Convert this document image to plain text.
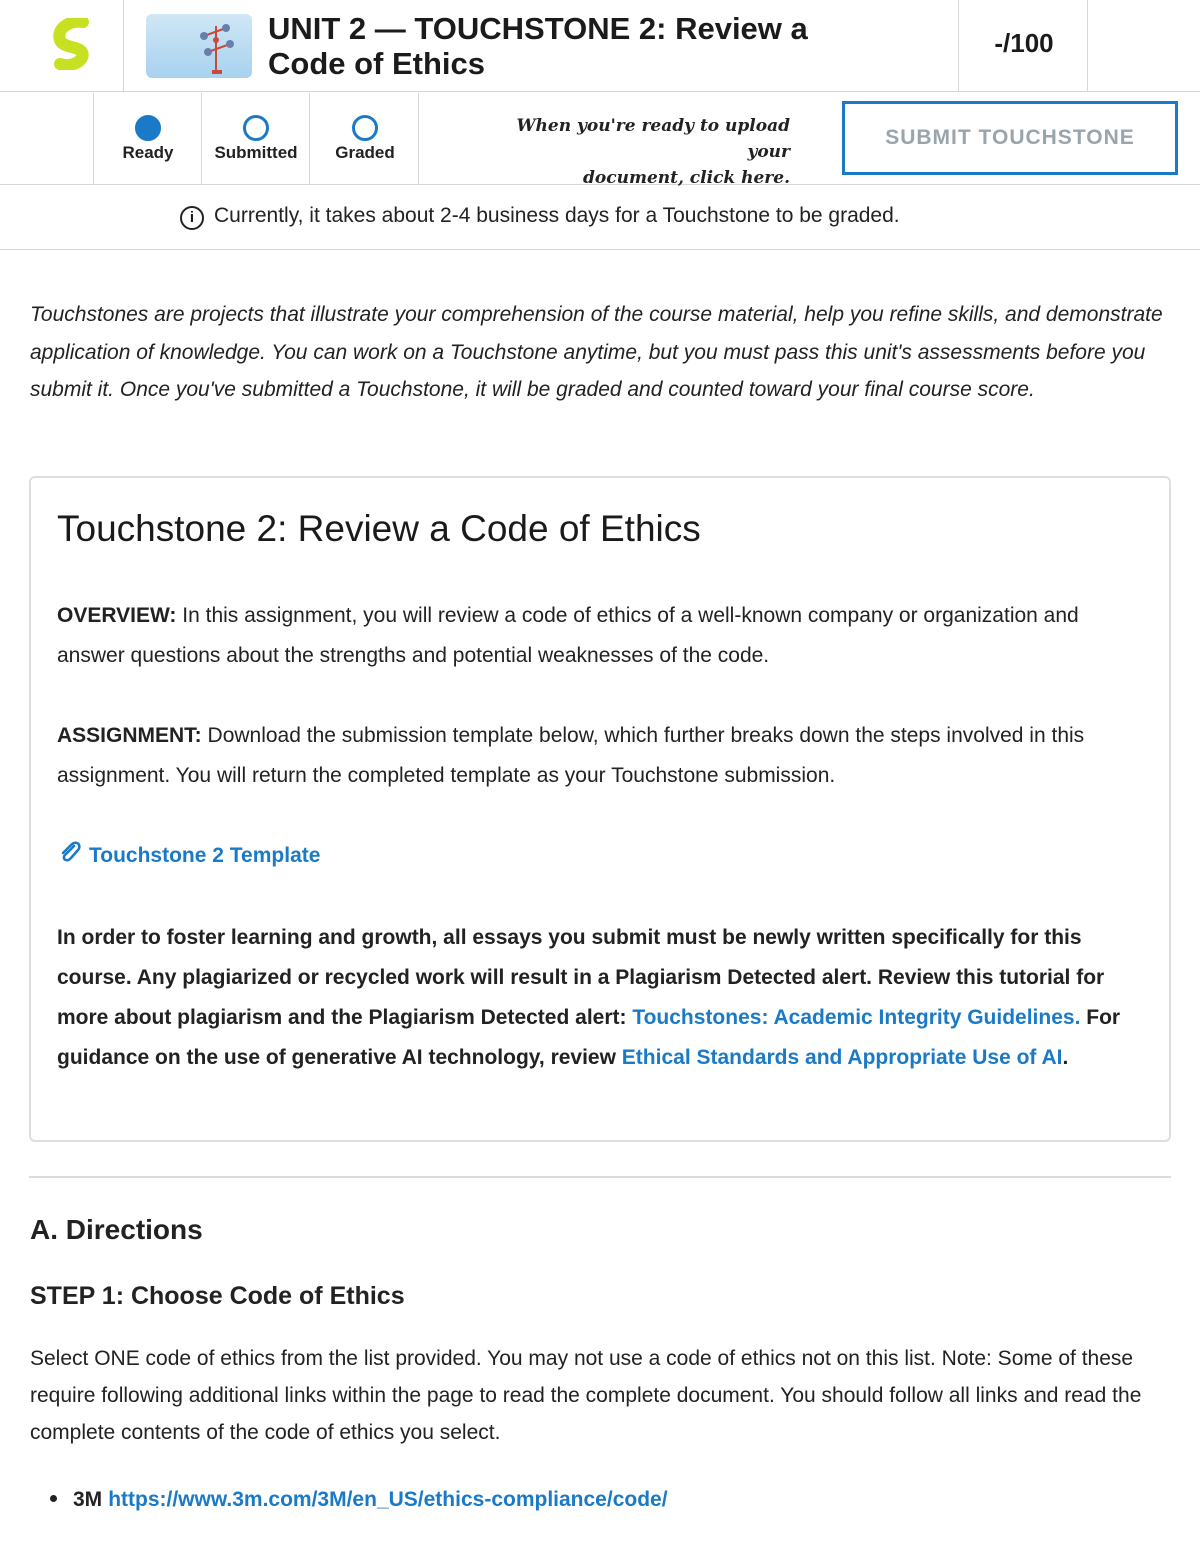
UNIT 2 — TOUCHSTONE 2: Review a
Code of Ethics
-/100
Ready	Submitted	Graded
When you're ready to upload your
document, click here.
SUBMIT TOUCHSTONE
i Currently, it takes about 2-4 business days for a Touchstone to be graded.
Touchstones are projects that illustrate your comprehension of the course material, help you refine skills, and demonstrate application of knowledge. You can work on a Touchstone anytime, but you must pass this unit's assessments before you submit it. Once you've submitted a Touchstone, it will be graded and counted toward your final course score.
Touchstone 2: Review a Code of Ethics
OVERVIEW: In this assignment, you will review a code of ethics of a well-known company or organization and answer questions about the strengths and potential weaknesses of the code.
ASSIGNMENT: Download the submission template below, which further breaks down the steps involved in this assignment. You will return the completed template as your Touchstone submission.
Touchstone 2 Template
In order to foster learning and growth, all essays you submit must be newly written specifically for this course. Any plagiarized or recycled work will result in a Plagiarism Detected alert. Review this tutorial for more about plagiarism and the Plagiarism Detected alert: Touchstones: Academic Integrity Guidelines. For guidance on the use of generative AI technology, review Ethical Standards and Appropriate Use of AI.
A. Directions
STEP 1: Choose Code of Ethics
Select ONE code of ethics from the list provided. You may not use a code of ethics not on this list. Note: Some of these require following additional links within the page to read the complete document. You should follow all links and read the complete contents of the code of ethics you select.
3M https://www.3m.com/3M/en_US/ethics-compliance/code/
